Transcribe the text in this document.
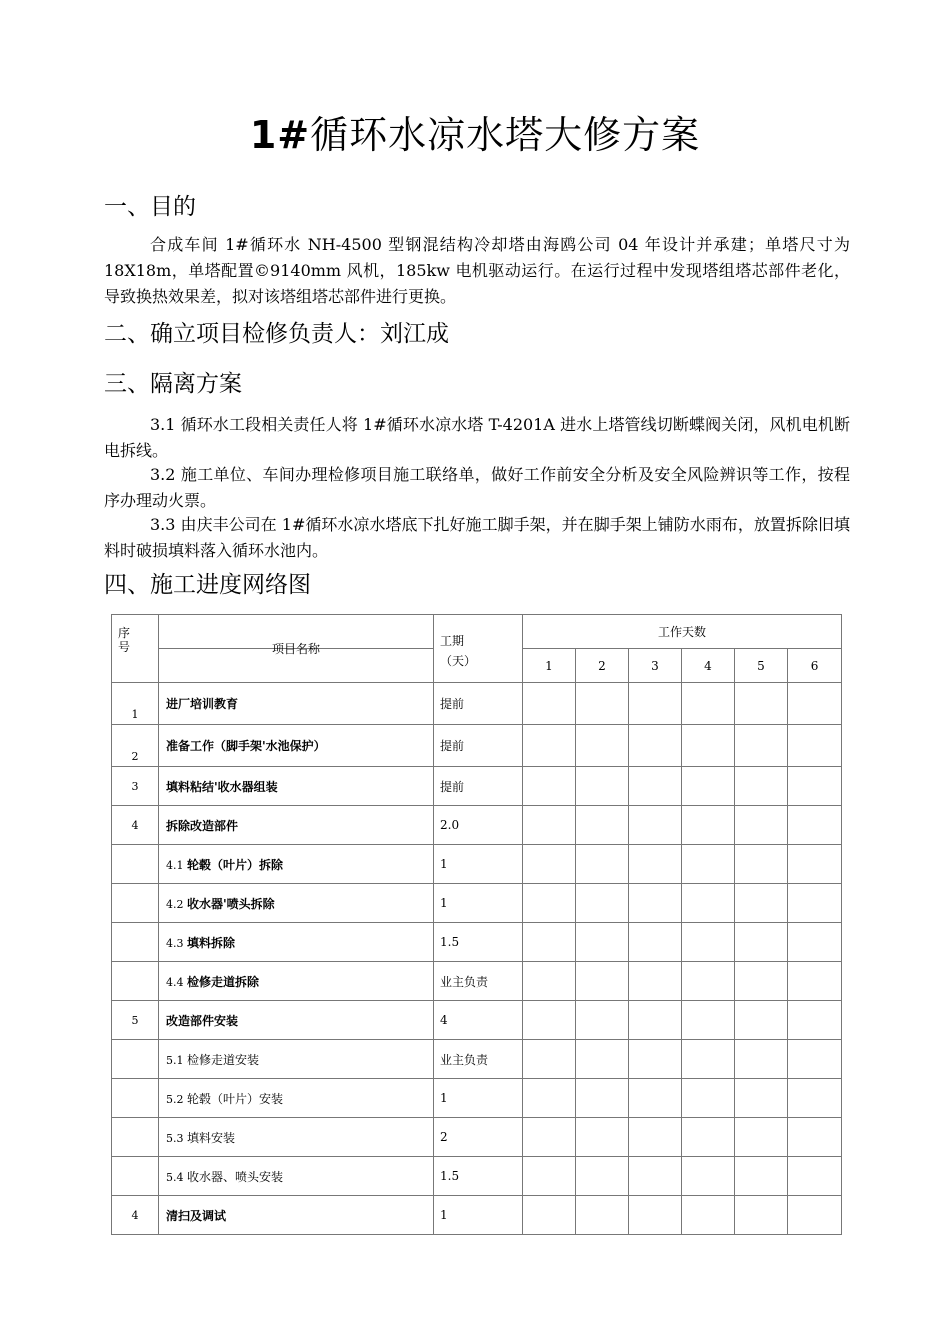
1#循环水凉水塔大修方案
一、目的

合成车间 1#循环水 NH-4500 型钢混结构冷却塔由海鸥公司 04 年设计并承建；单塔尺寸为 18X18m，单塔配置©9140mm 风机，185kw 电机驱动运行。在运行过程中发现塔组塔芯部件老化，导致换热效果差，拟对该塔组塔芯部件进行更换。

二、确立项目检修负责人：刘江成
三、隔离方案

3.1 循环水工段相关责任人将 1#循环水凉水塔 T-4201A 进水上塔管线切断蝶阀关闭，风机电机断电拆线。

3.2 施工单位、车间办理检修项目施工联络单，做好工作前安全分析及安全风险辨识等工作，按程序办理动火票。

3.3 由庆丰公司在 1#循环水凉水塔底下扎好施工脚手架，并在脚手架上铺防水雨布，放置拆除旧填料时破损填料落入循环水池内。

四、施工进度网络图
序号	项目名称	工期（天）	工作天数					
			1	2	3	4	5	6
1	进厂培训教育	提前						
2	准备工作（脚手架'水池保护）	提前						
3	填料粘结'收水器组装	提前						
4	拆除改造部件	2.0						
	4.1 轮毂（叶片）拆除	1						
	4.2 收水器'喷头拆除	1						
	4.3 填料拆除	1.5						
	4.4 检修走道拆除	业主负责						
5	改造部件安装	4						
	5.1 检修走道安装	业主负责						
	5.2 轮毂（叶片）安装	1						
	5.3 填料安装	2						
	5.4 收水器、喷头安装	1.5						
4	清扫及调试	1						
